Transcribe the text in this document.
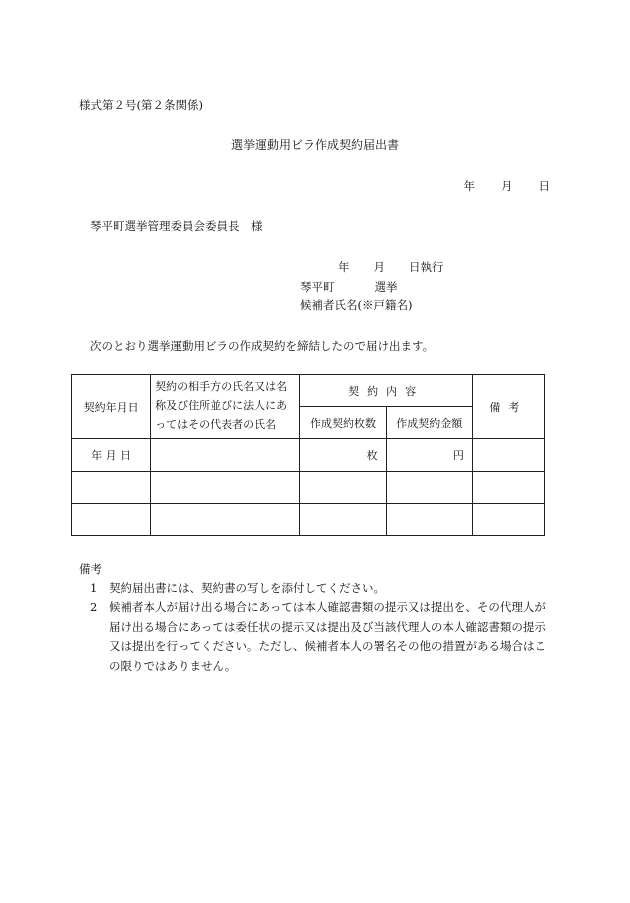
様式第２号(第２条関係)
選挙運動用ビラ作成契約届出書
年 月 日
琴平町選挙管理委員会委員長　様
年 月 日執行
琴平町	選挙
候補者氏名(※戸籍名)
次のとおり選挙運動用ビラの作成契約を締結したので届け出ます。
契約年月日	契約の相手方の氏名又は名称及び住所並びに法人にあってはその代表者の氏名	契約内容		備考
		作成契約枚数	作成契約金額	
年 月 日		枚	円	

備考
1 契約届出書には、契約書の写しを添付してください。
2 候補者本人が届け出る場合にあっては本人確認書類の提示又は提出を、その代理人が届け出る場合にあっては委任状の提示又は提出及び当該代理人の本人確認書類の提示又は提出を行ってください。ただし、候補者本人の署名その他の措置がある場合はこの限りではありません。
